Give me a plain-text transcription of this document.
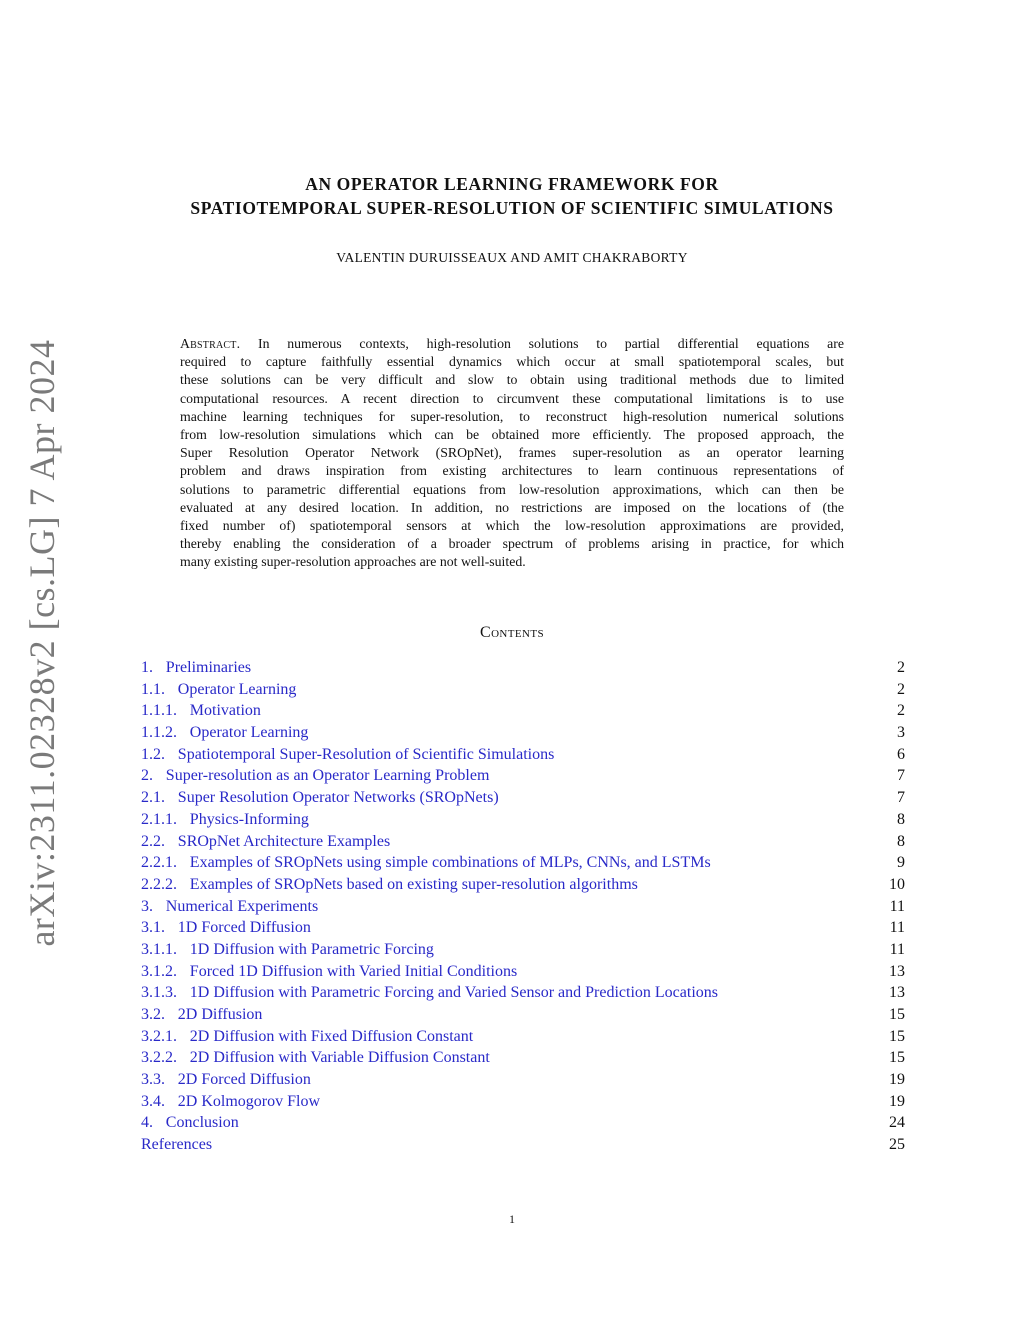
arXiv:2311.02328v2 [cs.LG] 7 Apr 2024
AN OPERATOR LEARNING FRAMEWORK FOR
SPATIOTEMPORAL SUPER-RESOLUTION OF SCIENTIFIC SIMULATIONS
VALENTIN DURUISSEAUX AND AMIT CHAKRABORTY
Abstract. In numerous contexts, high-resolution solutions to partial differential equations are
required to capture faithfully essential dynamics which occur at small spatiotemporal scales, but
these solutions can be very difficult and slow to obtain using traditional methods due to limited
computational resources. A recent direction to circumvent these computational limitations is to use
machine learning techniques for super-resolution, to reconstruct high-resolution numerical solutions
from low-resolution simulations which can be obtained more efficiently. The proposed approach, the
Super Resolution Operator Network (SROpNet), frames super-resolution as an operator learning
problem and draws inspiration from existing architectures to learn continuous representations of
solutions to parametric differential equations from low-resolution approximations, which can then be
evaluated at any desired location. In addition, no restrictions are imposed on the locations of (the
fixed number of) spatiotemporal sensors at which the low-resolution approximations are provided,
thereby enabling the consideration of a broader spectrum of problems arising in practice, for which
many existing super-resolution approaches are not well-suited.
Contents
1. Preliminaries	2
1.1. Operator Learning	2
1.1.1. Motivation	2
1.1.2. Operator Learning	3
1.2. Spatiotemporal Super-Resolution of Scientific Simulations	6
2. Super-resolution as an Operator Learning Problem	7
2.1. Super Resolution Operator Networks (SROpNets)	7
2.1.1. Physics-Informing	8
2.2. SROpNet Architecture Examples	8
2.2.1. Examples of SROpNets using simple combinations of MLPs, CNNs, and LSTMs	9
2.2.2. Examples of SROpNets based on existing super-resolution algorithms	10
3. Numerical Experiments	11
3.1. 1D Forced Diffusion	11
3.1.1. 1D Diffusion with Parametric Forcing	11
3.1.2. Forced 1D Diffusion with Varied Initial Conditions	13
3.1.3. 1D Diffusion with Parametric Forcing and Varied Sensor and Prediction Locations	13
3.2. 2D Diffusion	15
3.2.1. 2D Diffusion with Fixed Diffusion Constant	15
3.2.2. 2D Diffusion with Variable Diffusion Constant	15
3.3. 2D Forced Diffusion	19
3.4. 2D Kolmogorov Flow	19
4. Conclusion	24
References	25
1
